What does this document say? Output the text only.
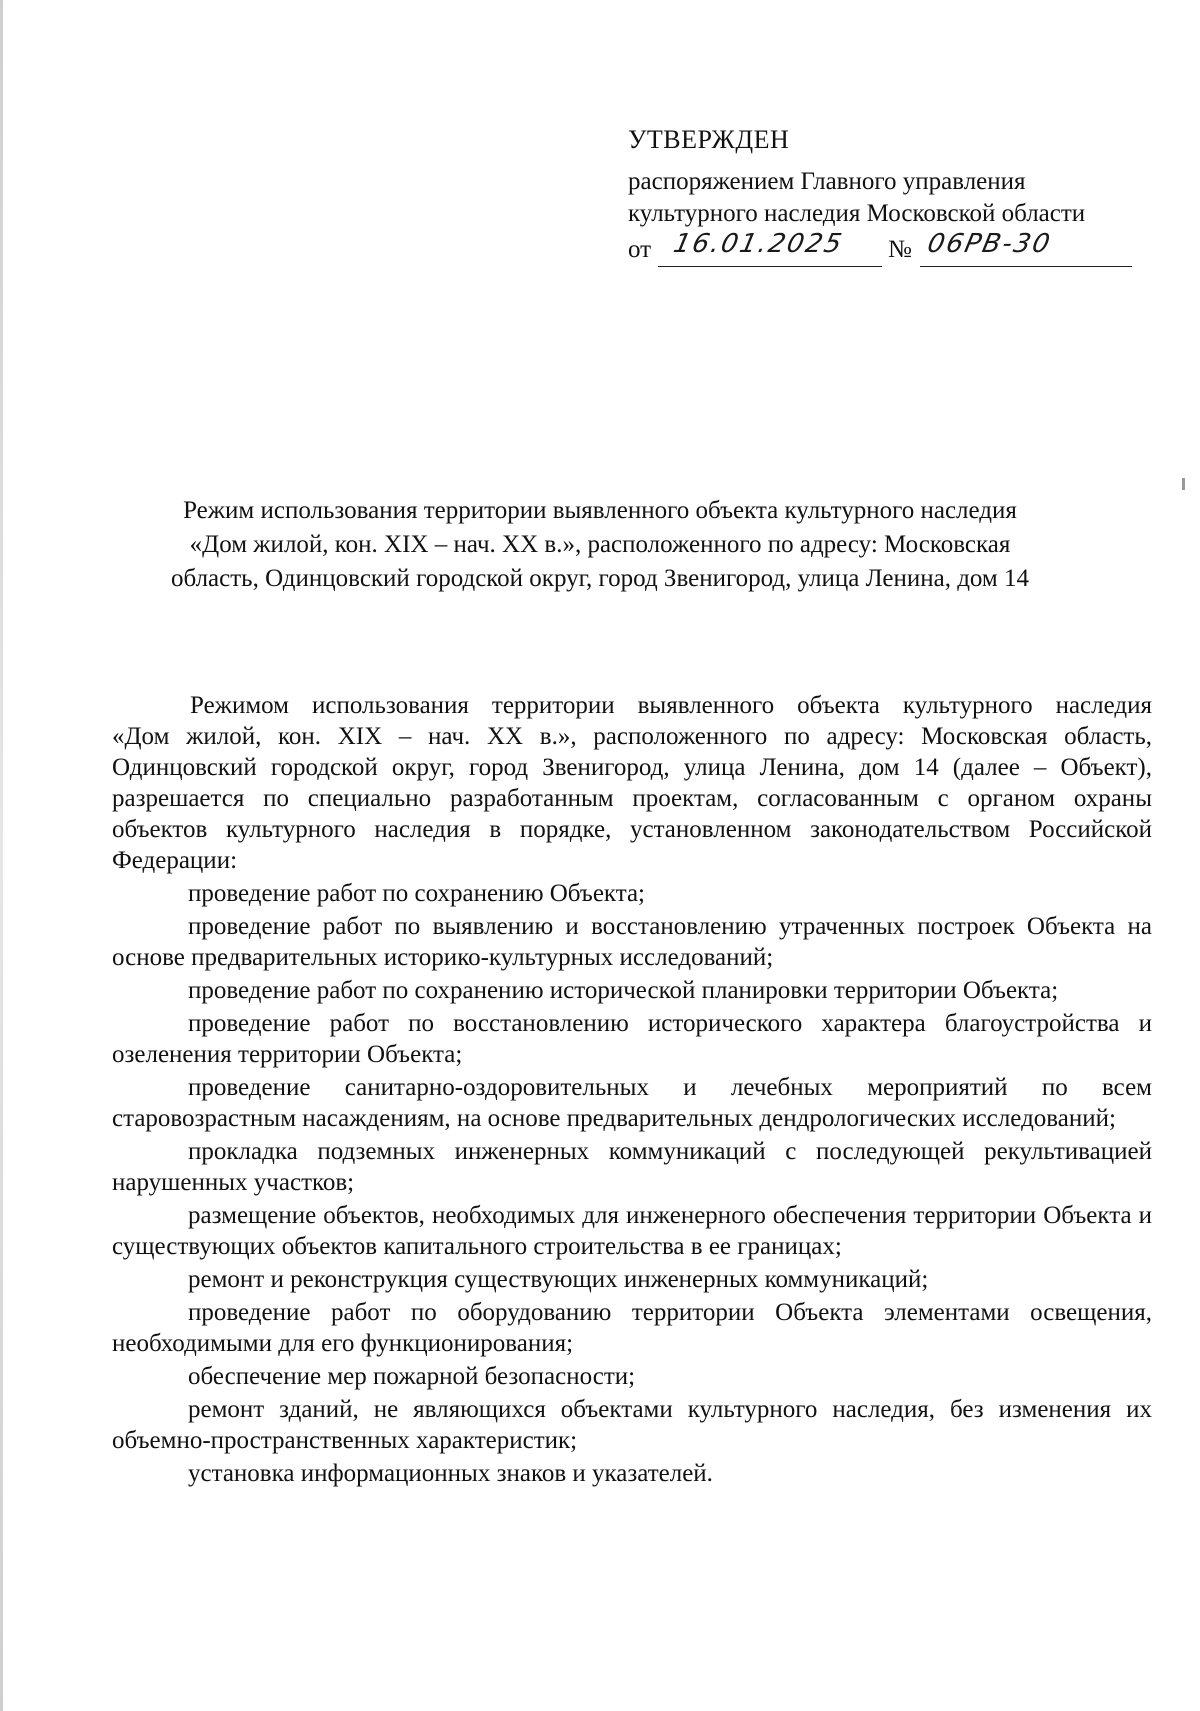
УТВЕРЖДЕН
распоряжением Главного управления
культурного наследия Московской области
от 16.01.2025 № 06РВ-30
Режим использования территории выявленного объекта культурного наследия
«Дом жилой, кон. XIX – нач. XX в.», расположенного по адресу: Московская
область, Одинцовский городской округ, город Звенигород, улица Ленина, дом 14

Режимом использования территории выявленного объекта культурного наследия «Дом жилой, кон. XIX – нач. XX в.», расположенного по адресу: Московская область, Одинцовский городской округ, город Звенигород, улица Ленина, дом 14 (далее – Объект), разрешается по специально разработанным проектам, согласованным с органом охраны объектов культурного наследия в порядке, установленном законодательством Российской Федерации:

проведение работ по сохранению Объекта;

проведение работ по выявлению и восстановлению утраченных построек Объекта на основе предварительных историко-культурных исследований;

проведение работ по сохранению исторической планировки территории Объекта;

проведение работ по восстановлению исторического характера благоустройства и озеленения территории Объекта;

проведение санитарно-оздоровительных и лечебных мероприятий по всем старовозрастным насаждениям, на основе предварительных дендрологических исследований;

прокладка подземных инженерных коммуникаций с последующей рекультивацией нарушенных участков;

размещение объектов, необходимых для инженерного обеспечения территории Объекта и существующих объектов капитального строительства в ее границах;

ремонт и реконструкция существующих инженерных коммуникаций;

проведение работ по оборудованию территории Объекта элементами освещения, необходимыми для его функционирования;

обеспечение мер пожарной безопасности;

ремонт зданий, не являющихся объектами культурного наследия, без изменения их объемно-пространственных характеристик;

установка информационных знаков и указателей.
